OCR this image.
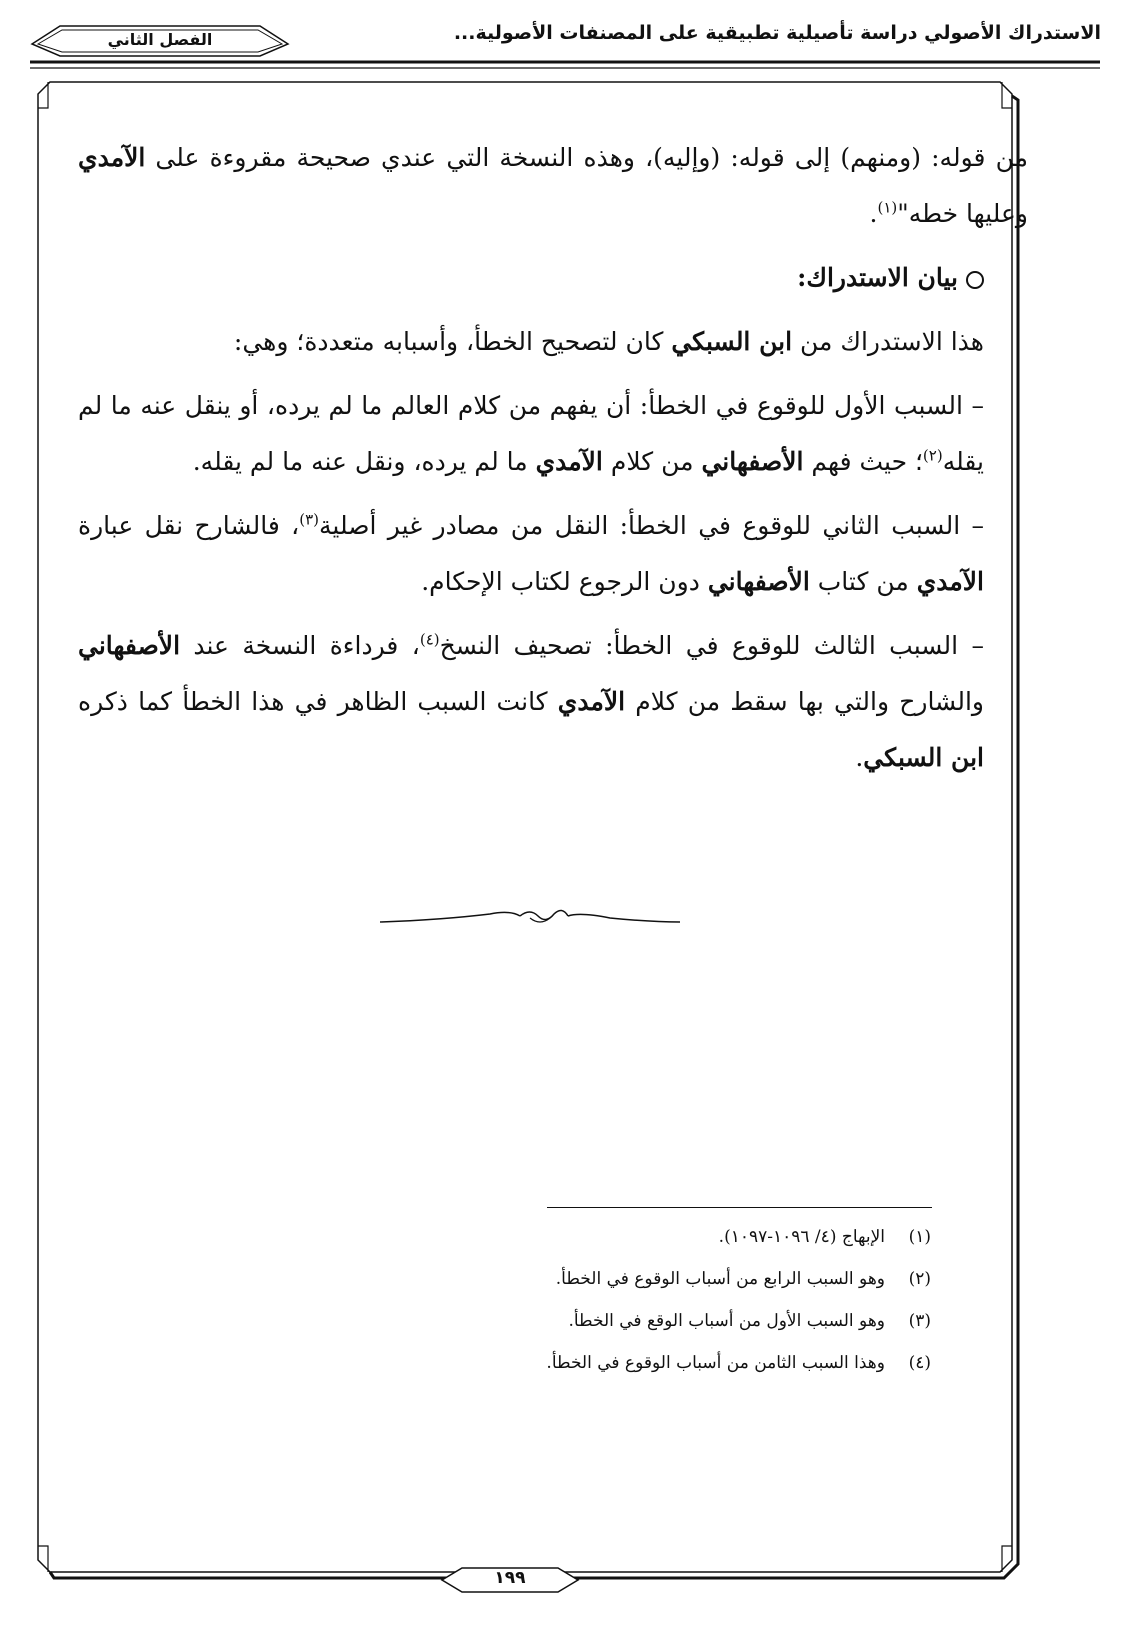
الاستدراك الأصولي دراسة تأصيلية تطبيقية على المصنفات الأصولية...
الفصل الثاني

من قوله: (ومنهم) إلى قوله: (وإليه)، وهذه النسخة التي عندي صحيحة مقروءة على الآمدي وعليها خطه"$^{(١)}$.

بيان الاستدراك:

هذا الاستدراك من ابن السبكي كان لتصحيح الخطأ، وأسبابه متعددة؛ وهي:

– السبب الأول للوقوع في الخطأ: أن يفهم من كلام العالم ما لم يرده، أو ينقل عنه ما لم يقله$^{(٢)}$؛ حيث فهم الأصفهاني من كلام الآمدي ما لم يرده، ونقل عنه ما لم يقله.

– السبب الثاني للوقوع في الخطأ: النقل من مصادر غير أصلية$^{(٣)}$، فالشارح نقل عبارة الآمدي من كتاب الأصفهاني دون الرجوع لكتاب الإحكام.

– السبب الثالث للوقوع في الخطأ: تصحيف النسخ$^{(٤)}$، فرداءة النسخة عند الأصفهاني والشارح والتي بها سقط من كلام الآمدي كانت السبب الظاهر في هذا الخطأ كما ذكره ابن السبكي.

(١)الإبهاج (٤/ ١٠٩٦-١٠٩٧).
(٢)وهو السبب الرابع من أسباب الوقوع في الخطأ.
(٣)وهو السبب الأول من أسباب الوقع في الخطأ.
(٤)وهذا السبب الثامن من أسباب الوقوع في الخطأ.
١٩٩
